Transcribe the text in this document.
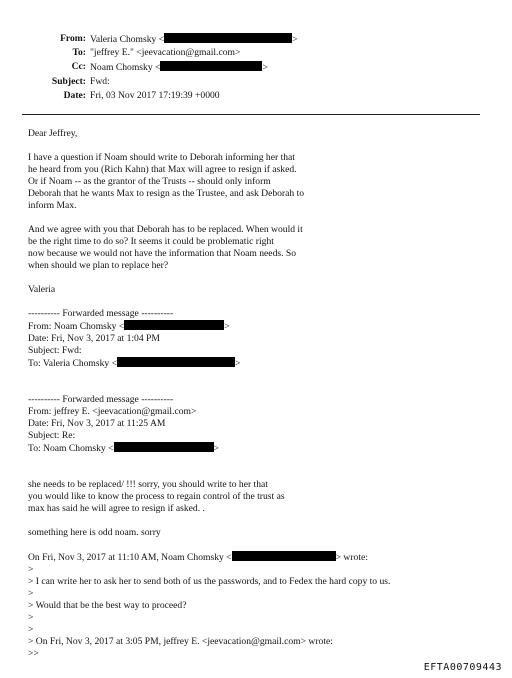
From: Valeria Chomsky <	>
To: "jeffrey E." <jeevacation@gmail.com>
Cc: Noam Chomsky <	>
Subject: Fwd:
Date: Fri, 03 Nov 2017 17:19:39 +0000

Dear Jeffrey,

I have a question if Noam should write to Deborah informing her that
he heard from you (Rich Kahn) that Max will agree to resign if asked.
Or if Noam -- as the grantor of the Trusts -- should only inform
Deborah that he wants Max to resign as the Trustee, and ask Deborah to
inform Max.
And we agree with you that Deborah has to be replaced. When would it
be the right time to do so? It seems it could be problematic right
now because we would not have the information that Noam needs. So
when should we plan to replace her?
Valeria
---------- Forwarded message ----------
From: Noam Chomsky <	>
Date: Fri, Nov 3, 2017 at 1:04 PM
Subject: Fwd:
To: Valeria Chomsky <	>
---------- Forwarded message ----------
From: jeffrey E. <jeevacation@gmail.com>
Date: Fri, Nov 3, 2017 at 11:25 AM
Subject: Re:
To: Noam Chomsky <	>
she needs to be replaced/ !!! sorry, you should write to her that
you would like to know the process to regain control of the trust as
max has said he will agree to resign if asked. .
something here is odd noam. sorry
On Fri, Nov 3, 2017 at 11:10 AM, Noam Chomsky <	> wrote:
>
> I can write her to ask her to send both of us the passwords, and to Fedex the hard copy to us.
>
> Would that be the best way to proceed?
>
>
> On Fri, Nov 3, 2017 at 3:05 PM, jeffrey E. <jeevacation@gmail.com> wrote:
>>
EFTA00709443
